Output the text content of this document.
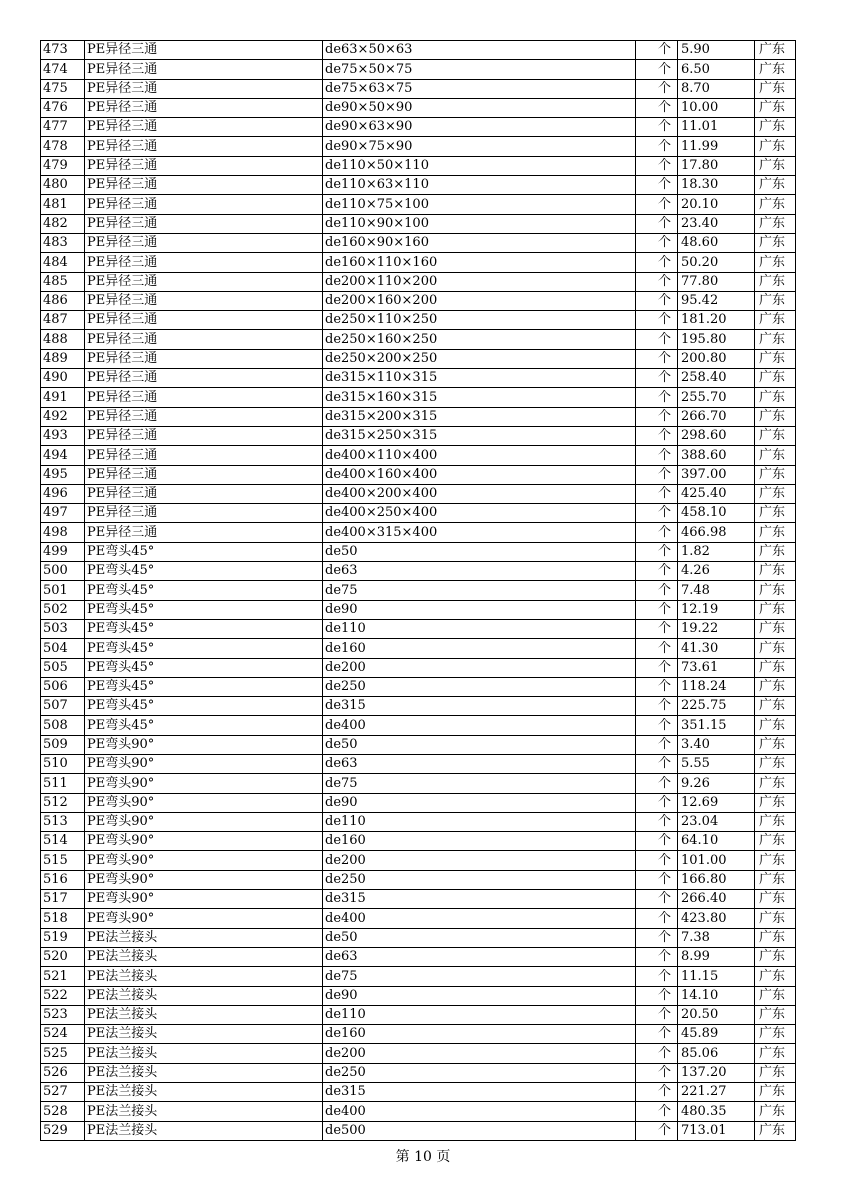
473	PE异径三通	de63×50×63	个	5.90	广东
474	PE异径三通	de75×50×75	个	6.50	广东
475	PE异径三通	de75×63×75	个	8.70	广东
476	PE异径三通	de90×50×90	个	10.00	广东
477	PE异径三通	de90×63×90	个	11.01	广东
478	PE异径三通	de90×75×90	个	11.99	广东
479	PE异径三通	de110×50×110	个	17.80	广东
480	PE异径三通	de110×63×110	个	18.30	广东
481	PE异径三通	de110×75×100	个	20.10	广东
482	PE异径三通	de110×90×100	个	23.40	广东
483	PE异径三通	de160×90×160	个	48.60	广东
484	PE异径三通	de160×110×160	个	50.20	广东
485	PE异径三通	de200×110×200	个	77.80	广东
486	PE异径三通	de200×160×200	个	95.42	广东
487	PE异径三通	de250×110×250	个	181.20	广东
488	PE异径三通	de250×160×250	个	195.80	广东
489	PE异径三通	de250×200×250	个	200.80	广东
490	PE异径三通	de315×110×315	个	258.40	广东
491	PE异径三通	de315×160×315	个	255.70	广东
492	PE异径三通	de315×200×315	个	266.70	广东
493	PE异径三通	de315×250×315	个	298.60	广东
494	PE异径三通	de400×110×400	个	388.60	广东
495	PE异径三通	de400×160×400	个	397.00	广东
496	PE异径三通	de400×200×400	个	425.40	广东
497	PE异径三通	de400×250×400	个	458.10	广东
498	PE异径三通	de400×315×400	个	466.98	广东
499	PE弯头45°	de50	个	1.82	广东
500	PE弯头45°	de63	个	4.26	广东
501	PE弯头45°	de75	个	7.48	广东
502	PE弯头45°	de90	个	12.19	广东
503	PE弯头45°	de110	个	19.22	广东
504	PE弯头45°	de160	个	41.30	广东
505	PE弯头45°	de200	个	73.61	广东
506	PE弯头45°	de250	个	118.24	广东
507	PE弯头45°	de315	个	225.75	广东
508	PE弯头45°	de400	个	351.15	广东
509	PE弯头90°	de50	个	3.40	广东
510	PE弯头90°	de63	个	5.55	广东
511	PE弯头90°	de75	个	9.26	广东
512	PE弯头90°	de90	个	12.69	广东
513	PE弯头90°	de110	个	23.04	广东
514	PE弯头90°	de160	个	64.10	广东
515	PE弯头90°	de200	个	101.00	广东
516	PE弯头90°	de250	个	166.80	广东
517	PE弯头90°	de315	个	266.40	广东
518	PE弯头90°	de400	个	423.80	广东
519	PE法兰接头	de50	个	7.38	广东
520	PE法兰接头	de63	个	8.99	广东
521	PE法兰接头	de75	个	11.15	广东
522	PE法兰接头	de90	个	14.10	广东
523	PE法兰接头	de110	个	20.50	广东
524	PE法兰接头	de160	个	45.89	广东
525	PE法兰接头	de200	个	85.06	广东
526	PE法兰接头	de250	个	137.20	广东
527	PE法兰接头	de315	个	221.27	广东
528	PE法兰接头	de400	个	480.35	广东
529	PE法兰接头	de500	个	713.01	广东
第 10 页
